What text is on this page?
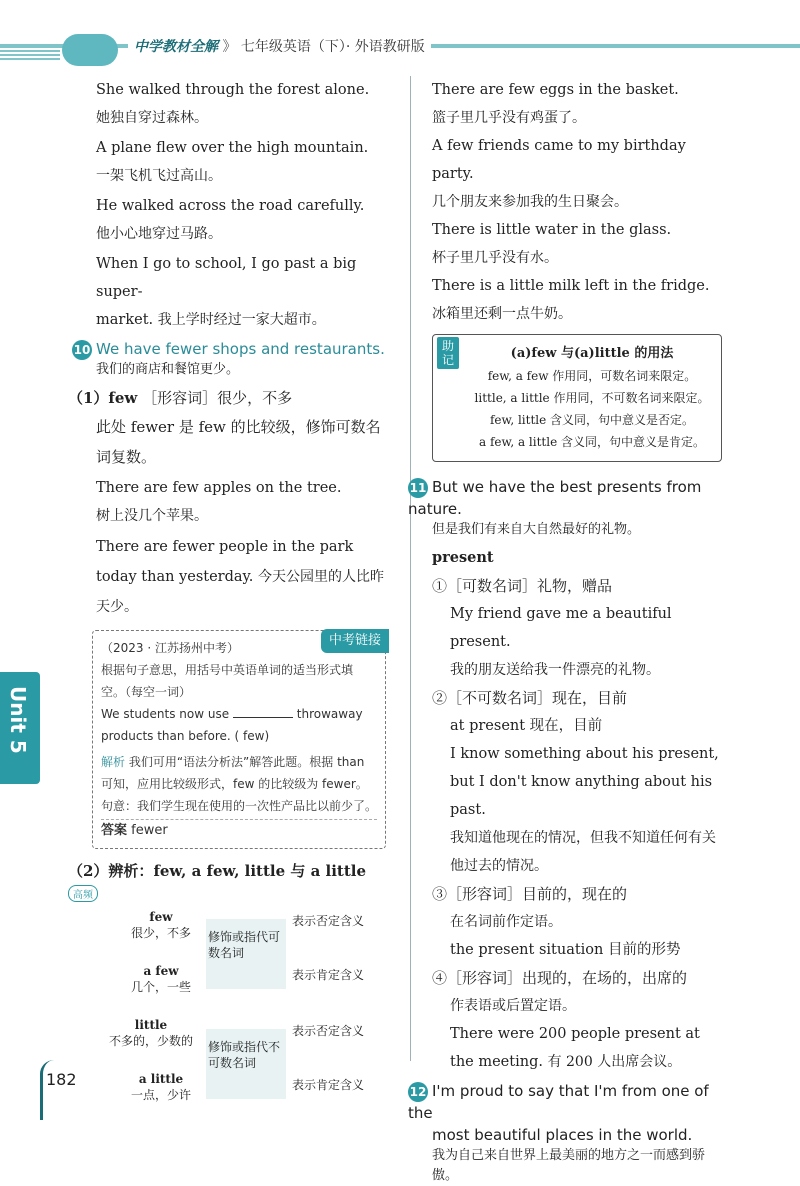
中学教材全解 》 七年级英语（下）· 外语教研版

She walked through the forest alone.

她独自穿过森林。

A plane flew over the high mountain.

一架飞机飞过高山。

He walked across the road carefully.

他小心地穿过马路。

When I go to school, I go past a big super-

market. 我上学时经过一家大超市。

10 We have fewer shops and restaurants.

我们的商店和餐馆更少。

（1）few ［形容词］很少，不多

此处 fewer 是 few 的比较级，修饰可数名词复数。

There are few apples on the tree.

树上没几个苹果。

There are fewer people in the park today than yesterday. 今天公园里的人比昨天少。

中考链接

（2023 · 江苏扬州中考）

根据句子意思，用括号中英语单词的适当形式填空。（每空一词）

We students now use	throwaway

products than before. ( few)

解析 我们可用“语法分析法”解答此题。根据 than 可知，应用比较级形式，few 的比较级为 fewer。句意：我们学生现在使用的一次性产品比以前少了。

答案 fewer

（2）辨析：few, a few, little 与 a little

高频
few
很少，不多
a few
几个，一些
little
不多的，少数的
a little
一点，少许
修饰或指代可数名词
修饰或指代不可数名词
表示否定含义
表示肯定含义
表示否定含义
表示肯定含义

There are few eggs in the basket.

篮子里几乎没有鸡蛋了。

A few friends came to my birthday party.

几个朋友来参加我的生日聚会。

There is little water in the glass.

杯子里几乎没有水。

There is a little milk left in the fridge.

冰箱里还剩一点牛奶。

助记	(a)few 与(a)little 的用法

few, a few 作用同，可数名词来限定。

little, a little 作用同，不可数名词来限定。

few, little 含义同，句中意义是否定。

a few, a little 含义同，句中意义是肯定。

11 But we have the best presents from nature.

但是我们有来自大自然最好的礼物。

present

①［可数名词］礼物，赠品

My friend gave me a beautiful present.

我的朋友送给我一件漂亮的礼物。

②［不可数名词］现在，目前

at present 现在，目前

I know something about his present, but I don't know anything about his past.

我知道他现在的情况，但我不知道任何有关他过去的情况。

③［形容词］目前的，现在的

在名词前作定语。

the present situation 目前的形势

④［形容词］出现的，在场的，出席的

作表语或后置定语。

There were 200 people present at the meeting. 有 200 人出席会议。

12 I'm proud to say that I'm from one of the

most beautiful places in the world.

我为自己来自世界上最美丽的地方之一而感到骄傲。

Unit 5
182
